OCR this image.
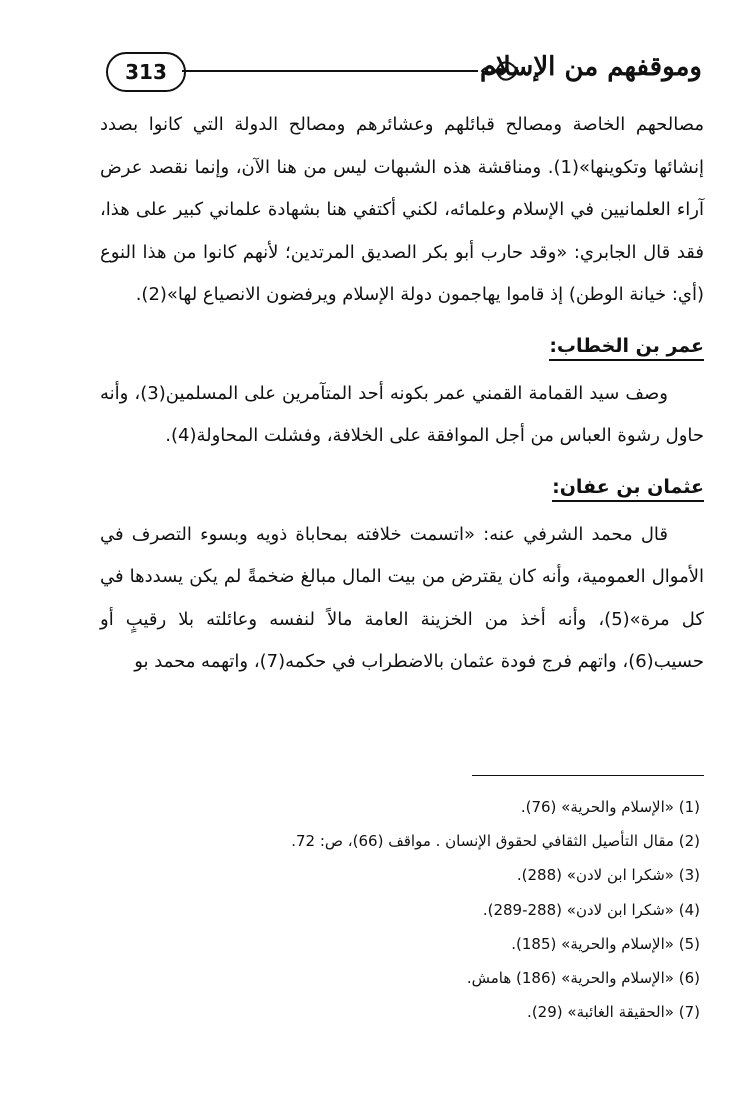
313	وموقفهم من الإسلام

مصالحهم الخاصة ومصالح قبائلهم وعشائرهم ومصالح الدولة التي كانوا بصدد إنشائها وتكوينها»(1). ومناقشة هذه الشبهات ليس من هنا الآن، وإنما نقصد عرض آراء العلمانيين في الإسلام وعلمائه، لكني أكتفي هنا بشهادة علماني كبير على هذا، فقد قال الجابري: «وقد حارب أبو بكر الصديق المرتدين؛ لأنهم كانوا من هذا النوع (أي: خيانة الوطن) إذ قاموا يهاجمون دولة الإسلام ويرفضون الانصياع لها»(2).

عمر بن الخطاب:

وصف سيد القمامة القمني عمر بكونه أحد المتآمرين على المسلمين(3)، وأنه حاول رشوة العباس من أجل الموافقة على الخلافة، وفشلت المحاولة(4).

عثمان بن عفان:

قال محمد الشرفي عنه: «اتسمت خلافته بمحاباة ذويه وبسوء التصرف في الأموال العمومية، وأنه كان يقترض من بيت المال مبالغ ضخمةً لم يكن يسددها في كل مرة»(5)، وأنه أخذ من الخزينة العامة مالاً لنفسه وعائلته بلا رقيبٍ أو حسيب(6)، واتهم فرج فودة عثمان بالاضطراب في حكمه(7)، واتهمه محمد بو

(1) «الإسلام والحرية» (76).
(2) مقال التأصيل الثقافي لحقوق الإنسان . مواقف (66)، ص: 72.
(3) «شكرا ابن لادن» (288).
(4) «شكرا ابن لادن» (288-289).
(5) «الإسلام والحرية» (185).
(6) «الإسلام والحرية» (186) هامش.
(7) «الحقيقة الغائبة» (29).
